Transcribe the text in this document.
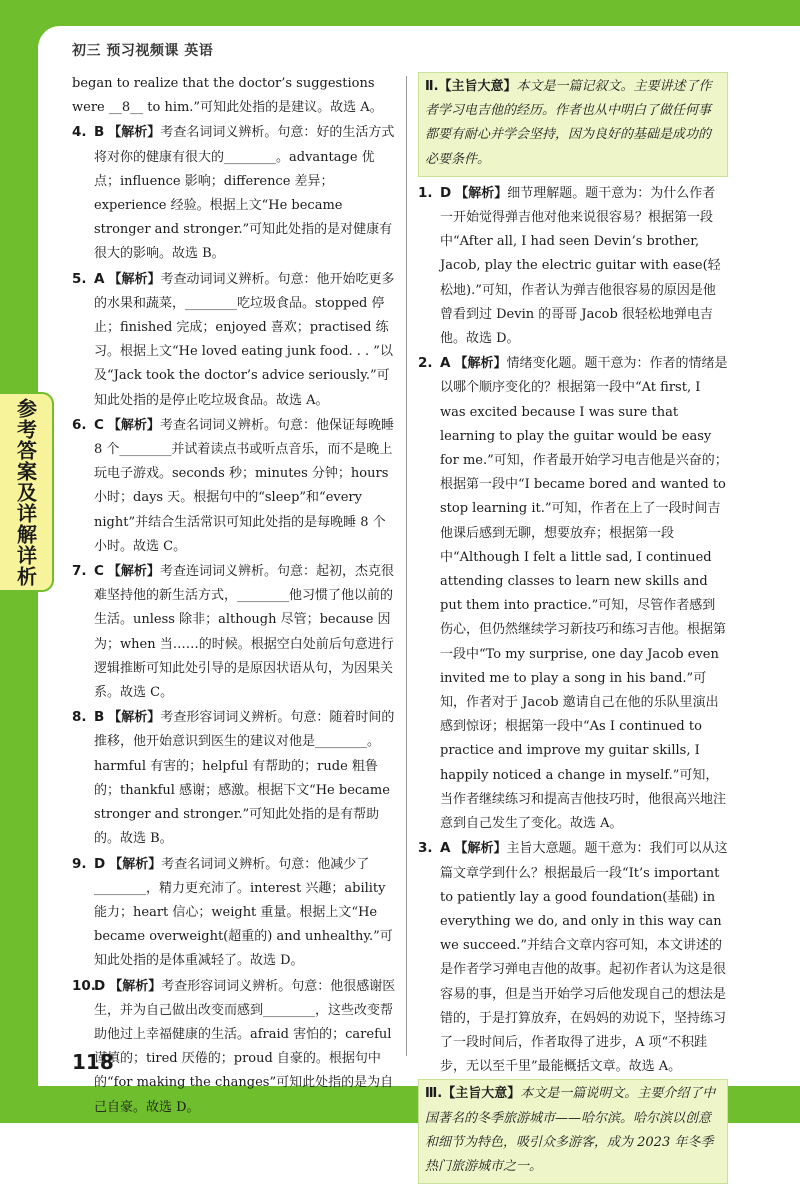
初三 预习视频课 英语
参考答案及详解详析

began to realize that the doctor’s suggestions were __8__ to him.”可知此处指的是建议。故选 A。

4. B 【解析】考查名词词义辨析。句意：好的生活方式将对你的健康有很大的________。advantage 优点；influence 影响；difference 差异；experience 经验。根据上文“He became stronger and stronger.”可知此处指的是对健康有很大的影响。故选 B。

5. A 【解析】考查动词词义辨析。句意：他开始吃更多的水果和蔬菜，________吃垃圾食品。stopped 停止；finished 完成；enjoyed 喜欢；practised 练习。根据上文“He loved eating junk food. . . ”以及“Jack took the doctor’s advice seriously.”可知此处指的是停止吃垃圾食品。故选 A。

6. C 【解析】考查名词词义辨析。句意：他保证每晚睡 8 个________并试着读点书或听点音乐，而不是晚上玩电子游戏。seconds 秒；minutes 分钟；hours 小时；days 天。根据句中的“sleep”和“every night”并结合生活常识可知此处指的是每晚睡 8 个小时。故选 C。

7. C 【解析】考查连词词义辨析。句意：起初，杰克很难坚持他的新生活方式，________他习惯了他以前的生活。unless 除非；although 尽管；because 因为；when 当……的时候。根据空白处前后句意进行逻辑推断可知此处引导的是原因状语从句，为因果关系。故选 C。

8. B 【解析】考查形容词词义辨析。句意：随着时间的推移，他开始意识到医生的建议对他是________。harmful 有害的；helpful 有帮助的；rude 粗鲁的；thankful 感谢；感激。根据下文“He became stronger and stronger.”可知此处指的是有帮助的。故选 B。

9. D 【解析】考查名词词义辨析。句意：他减少了________，精力更充沛了。interest 兴趣；ability 能力；heart 信心；weight 重量。根据上文“He became overweight(超重的) and unhealthy.”可知此处指的是体重减轻了。故选 D。

10.
D 【解析】考查形容词词义辨析。句意：他很感谢医生，并为自己做出改变而感到________，这些改变帮助他过上幸福健康的生活。afraid 害怕的；careful 谨慎的；tired 厌倦的；proud 自豪的。根据句中的“for making the changes”可知此处指的是为自己自豪。故选 D。

Ⅱ.【主旨大意】本文是一篇记叙文。主要讲述了作者学习电吉他的经历。作者也从中明白了做任何事都要有耐心并学会坚持，因为良好的基础是成功的必要条件。

1. D 【解析】细节理解题。题干意为：为什么作者一开始觉得弹吉他对他来说很容易？根据第一段中“After all, I had seen Devin’s brother, Jacob, play the electric guitar with ease(轻松地).”可知，作者认为弹吉他很容易的原因是他曾看到过 Devin 的哥哥 Jacob 很轻松地弹电吉他。故选 D。

2. A 【解析】情绪变化题。题干意为：作者的情绪是以哪个顺序变化的？根据第一段中“At first, I was excited because I was sure that learning to play the guitar would be easy for me.”可知，作者最开始学习电吉他是兴奋的；根据第一段中“I became bored and wanted to stop learning it.”可知，作者在上了一段时间吉他课后感到无聊，想要放弃；根据第一段中“Although I felt a little sad, I continued attending classes to learn new skills and put them into practice.”可知，尽管作者感到伤心，但仍然继续学习新技巧和练习吉他。根据第一段中“To my surprise, one day Jacob even invited me to play a song in his band.”可知，作者对于 Jacob 邀请自己在他的乐队里演出感到惊讶；根据第一段中“As I continued to practice and improve my guitar skills, I happily noticed a change in myself.”可知，当作者继续练习和提高吉他技巧时，他很高兴地注意到自己发生了变化。故选 A。

3. A 【解析】主旨大意题。题干意为：我们可以从这篇文章学到什么？根据最后一段“It’s important to patiently lay a good foundation(基础) in everything we do, and only in this way can we succeed.”并结合文章内容可知，本文讲述的是作者学习弹电吉他的故事。起初作者认为这是很容易的事，但是当开始学习后他发现自己的想法是错的，于是打算放弃，在妈妈的劝说下，坚持练习了一段时间后，作者取得了进步，A 项“不积跬步，无以至千里”最能概括文章。故选 A。

Ⅲ.【主旨大意】本文是一篇说明文。主要介绍了中国著名的冬季旅游城市——哈尔滨。哈尔滨以创意和细节为特色，吸引众多游客，成为 2023 年冬季热门旅游城市之一。
118
